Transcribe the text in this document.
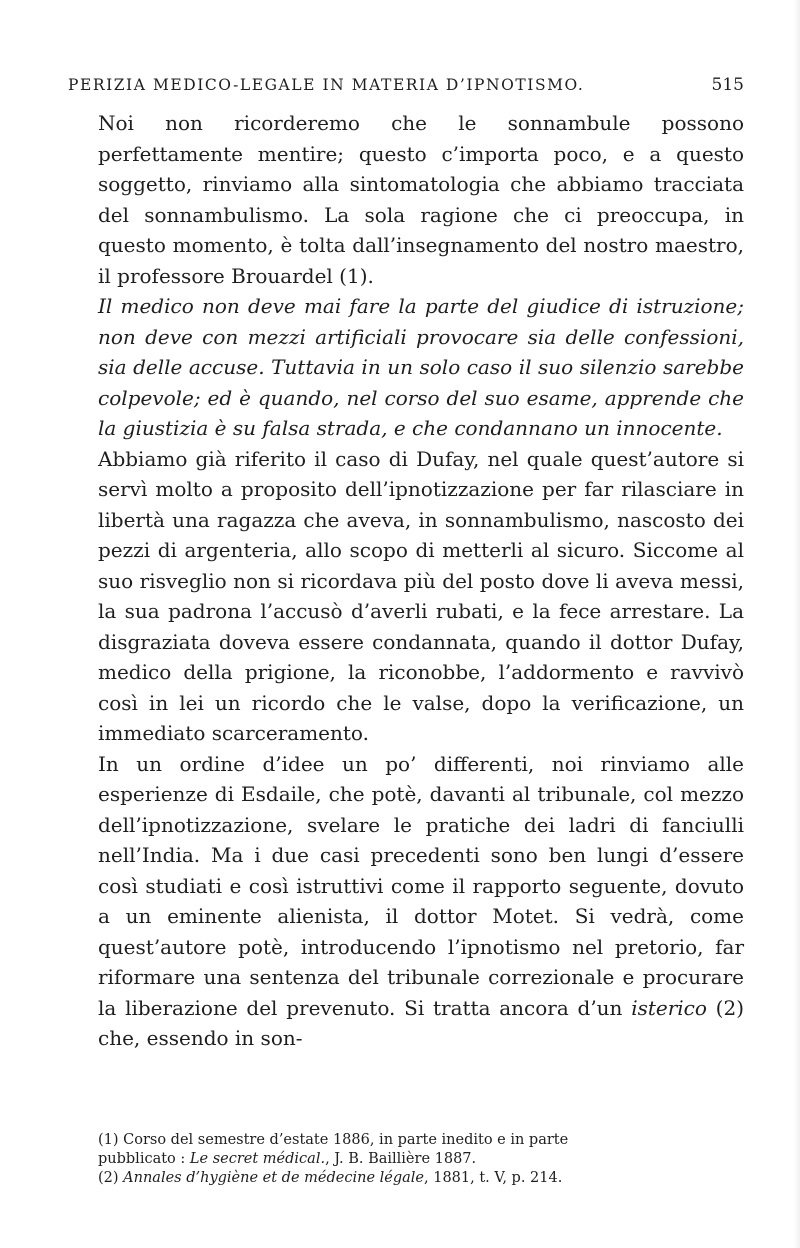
PERIZIA MEDICO-LEGALE IN MATERIA D’IPNOTISMO.	515

Noi non ricorderemo che le sonnambule possono perfettamente mentire; questo c’importa poco, e a questo soggetto, rinviamo alla sintomatologia che abbiamo tracciata del sonnambulismo. La sola ragione che ci preoccupa, in questo momento, è tolta dall’insegnamento del nostro maestro, il professore Brouardel (1).

Il medico non deve mai fare la parte del giudice di istruzione; non deve con mezzi artificiali provocare sia delle confessioni, sia delle accuse. Tuttavia in un solo caso il suo silenzio sarebbe colpevole; ed è quando, nel corso del suo esame, apprende che la giustizia è su falsa strada, e che condannano un innocente.

Abbiamo già riferito il caso di Dufay, nel quale quest’autore si servì molto a proposito dell’ipnotizzazione per far rilasciare in libertà una ragazza che aveva, in sonnambulismo, nascosto dei pezzi di argenteria, allo scopo di metterli al sicuro. Siccome al suo risveglio non si ricordava più del posto dove li aveva messi, la sua padrona l’accusò d’averli rubati, e la fece arrestare. La disgraziata doveva essere condannata, quando il dottor Dufay, medico della prigione, la riconobbe, l’addormento e ravvivò così in lei un ricordo che le valse, dopo la verificazione, un immediato scarceramento.

In un ordine d’idee un po’ differenti, noi rinviamo alle esperienze di Esdaile, che potè, davanti al tribunale, col mezzo dell’ipnotizzazione, svelare le pratiche dei ladri di fanciulli nell’India. Ma i due casi precedenti sono ben lungi d’essere così studiati e così istruttivi come il rapporto seguente, dovuto a un eminente alienista, il dottor Motet. Si vedrà, come quest’autore potè, introducendo l’ipnotismo nel pretorio, far riformare una sentenza del tribunale correzionale e procurare la liberazione del prevenuto. Si tratta ancora d’un isterico (2) che, essendo in son-

(1) Corso del semestre d’estate 1886, in parte inedito e in parte

pubblicato : Le secret médical., J. B. Baillière 1887.

(2) Annales d’hygiène et de médecine légale, 1881, t. V, p. 214.
